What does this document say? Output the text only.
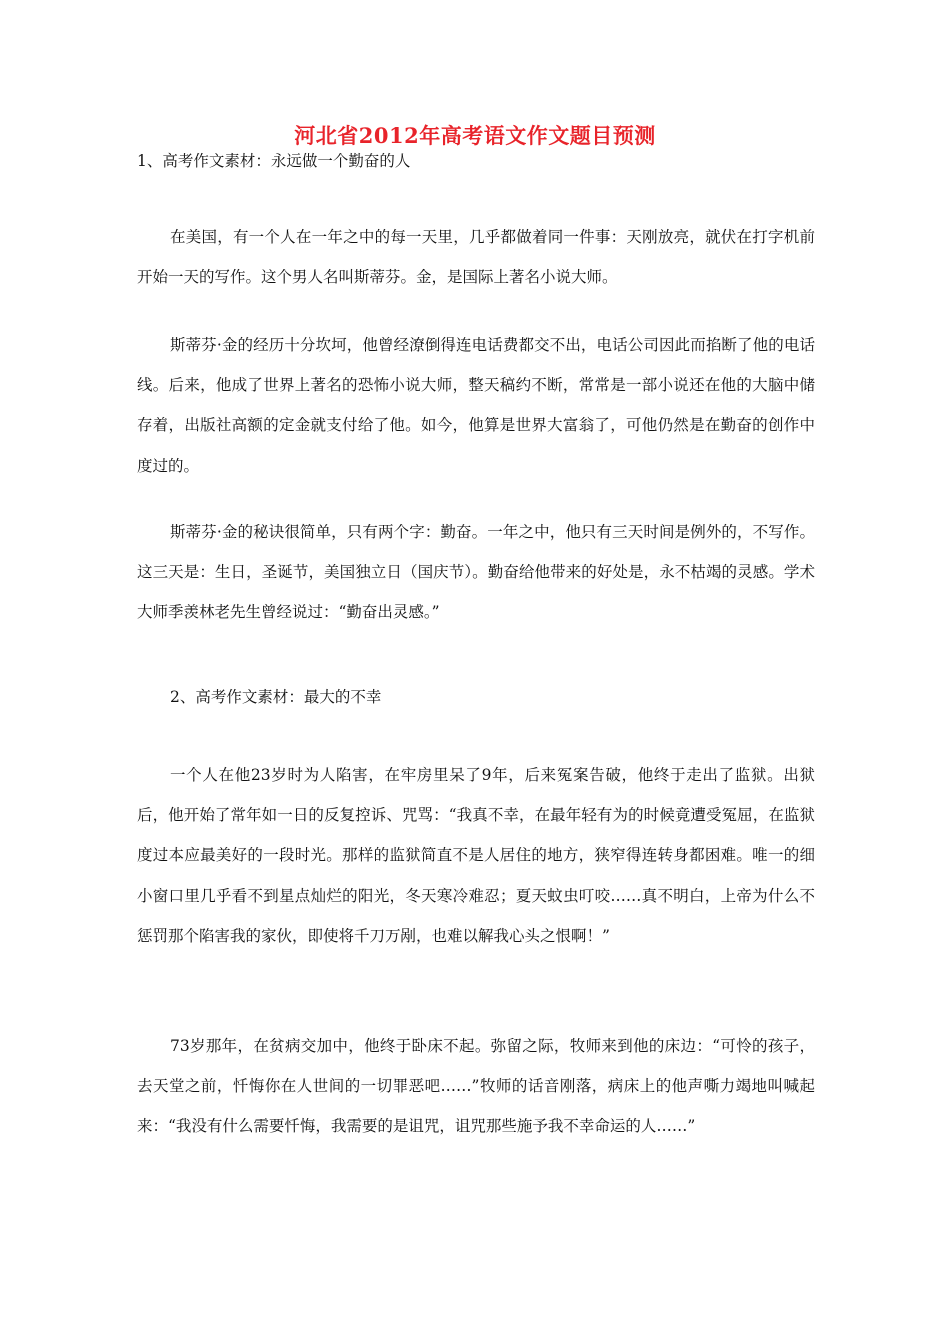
河北省2012年高考语文作文题目预测
1、高考作文素材：永远做一个勤奋的人

在美国，有一个人在一年之中的每一天里，几乎都做着同一件事：天刚放亮，就伏在打字机前开始一天的写作。这个男人名叫斯蒂芬。金，是国际上著名小说大师。

斯蒂芬·金的经历十分坎坷，他曾经潦倒得连电话费都交不出，电话公司因此而掐断了他的电话线。后来，他成了世界上著名的恐怖小说大师，整天稿约不断，常常是一部小说还在他的大脑中储存着，出版社高额的定金就支付给了他。如今，他算是世界大富翁了，可他仍然是在勤奋的创作中度过的。

斯蒂芬·金的秘诀很简单，只有两个字：勤奋。一年之中，他只有三天时间是例外的，不写作。这三天是：生日，圣诞节，美国独立日（国庆节）。勤奋给他带来的好处是，永不枯竭的灵感。学术大师季羡林老先生曾经说过：“勤奋出灵感。”

2、高考作文素材：最大的不幸

一个人在他23岁时为人陷害，在牢房里呆了9年，后来冤案告破，他终于走出了监狱。出狱后，他开始了常年如一日的反复控诉、咒骂：“我真不幸，在最年轻有为的时候竟遭受冤屈，在监狱度过本应最美好的一段时光。那样的监狱简直不是人居住的地方，狭窄得连转身都困难。唯一的细小窗口里几乎看不到星点灿烂的阳光，冬天寒冷难忍；夏天蚊虫叮咬……真不明白，上帝为什么不惩罚那个陷害我的家伙，即使将千刀万剐，也难以解我心头之恨啊！”

73岁那年，在贫病交加中，他终于卧床不起。弥留之际，牧师来到他的床边：“可怜的孩子，去天堂之前，忏悔你在人世间的一切罪恶吧……”牧师的话音刚落，病床上的他声嘶力竭地叫喊起来：“我没有什么需要忏悔，我需要的是诅咒，诅咒那些施予我不幸命运的人……”
